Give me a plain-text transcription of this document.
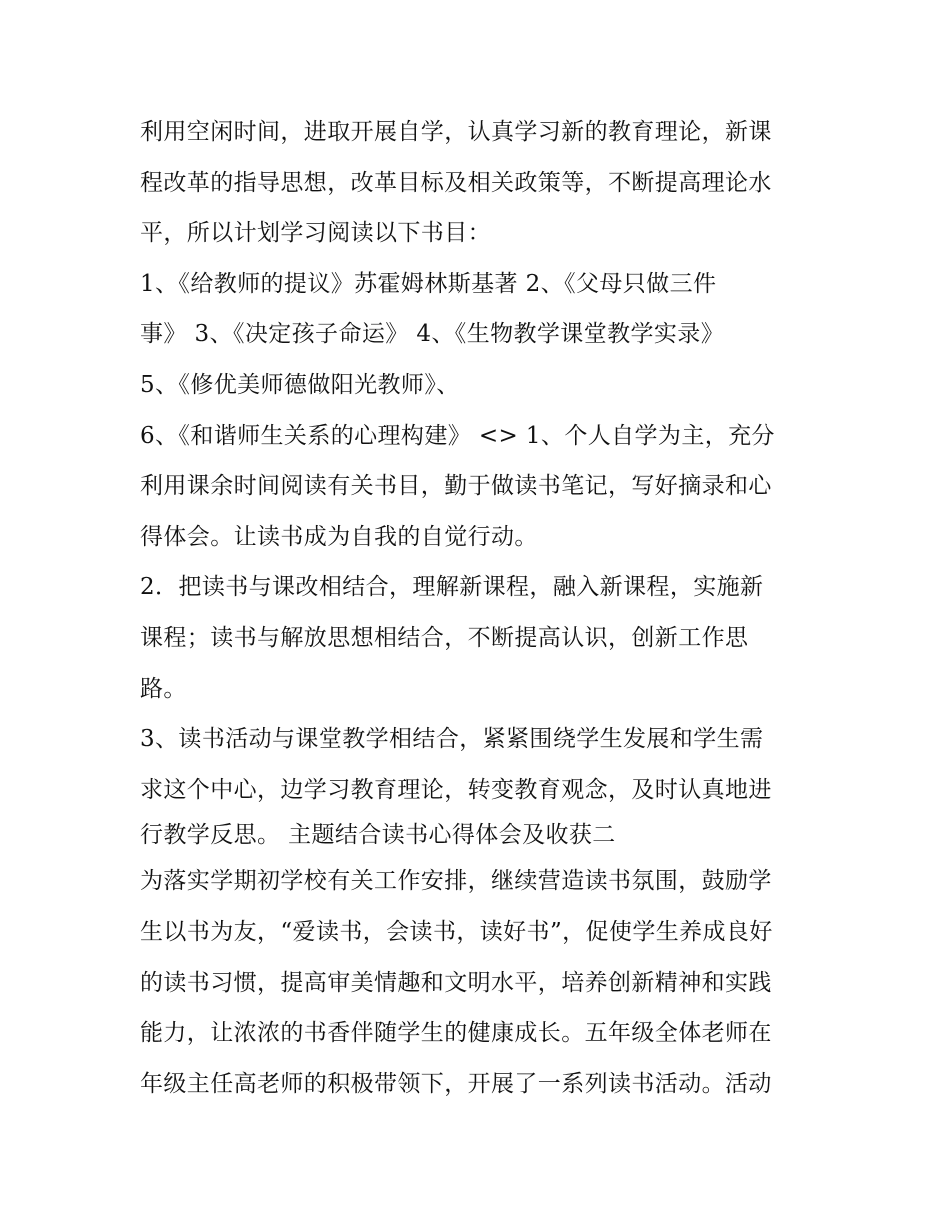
利用空闲时间，进取开展自学，认真学习新的教育理论，新课
程改革的指导思想，改革目标及相关政策等，不断提高理论水
平，所以计划学习阅读以下书目：
1、《给教师的提议》苏霍姆林斯基著 2、《父母只做三件
事》 3、《决定孩子命运》 4、《生物教学课堂教学实录》
5、《修优美师德做阳光教师》、
6、《和谐师生关系的心理构建》 <> 1、个人自学为主，充分
利用课余时间阅读有关书目，勤于做读书笔记，写好摘录和心
得体会。让读书成为自我的自觉行动。
2．把读书与课改相结合，理解新课程，融入新课程，实施新
课程；读书与解放思想相结合，不断提高认识，创新工作思
路。
3、读书活动与课堂教学相结合，紧紧围绕学生发展和学生需
求这个中心，边学习教育理论，转变教育观念，及时认真地进
行教学反思。 主题结合读书心得体会及收获二
为落实学期初学校有关工作安排，继续营造读书氛围，鼓励学
生以书为友，“爱读书，会读书，读好书”，促使学生养成良好
的读书习惯，提高审美情趣和文明水平，培养创新精神和实践
能力，让浓浓的书香伴随学生的健康成长。五年级全体老师在
年级主任高老师的积极带领下，开展了一系列读书活动。活动
